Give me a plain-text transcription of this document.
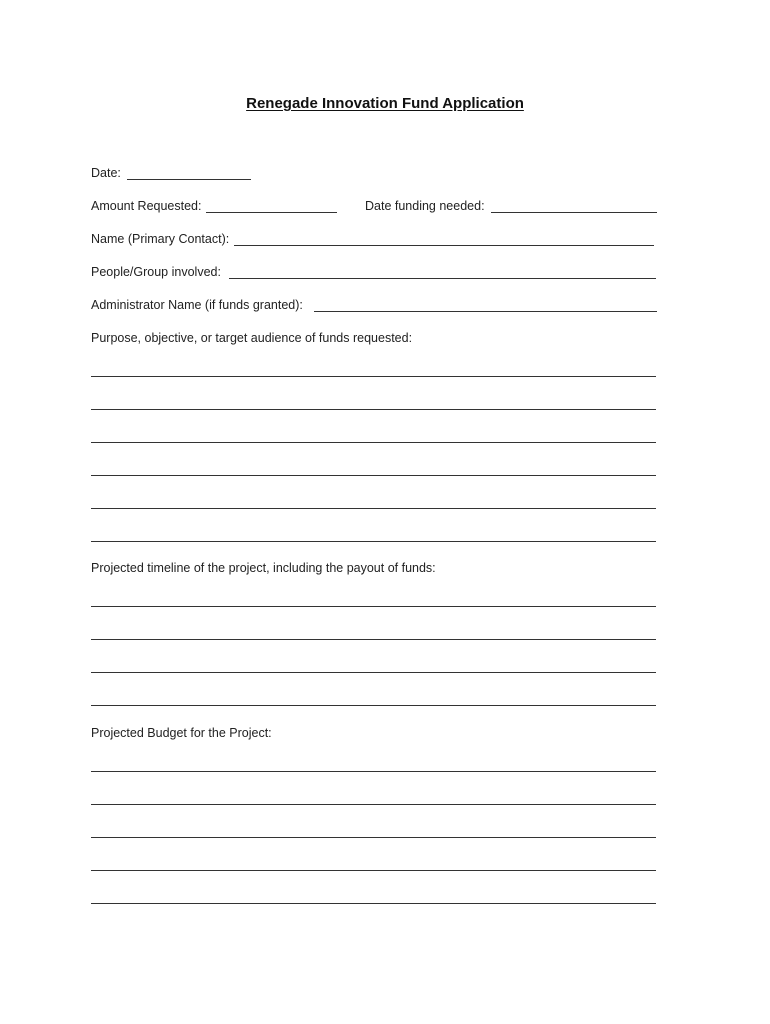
Renegade Innovation Fund Application
Date:
Amount Requested:	Date funding needed:
Name (Primary Contact):
People/Group involved:
Administrator Name (if funds granted):
Purpose, objective, or target audience of funds requested:
Projected timeline of the project, including the payout of funds:
Projected Budget for the Project:
